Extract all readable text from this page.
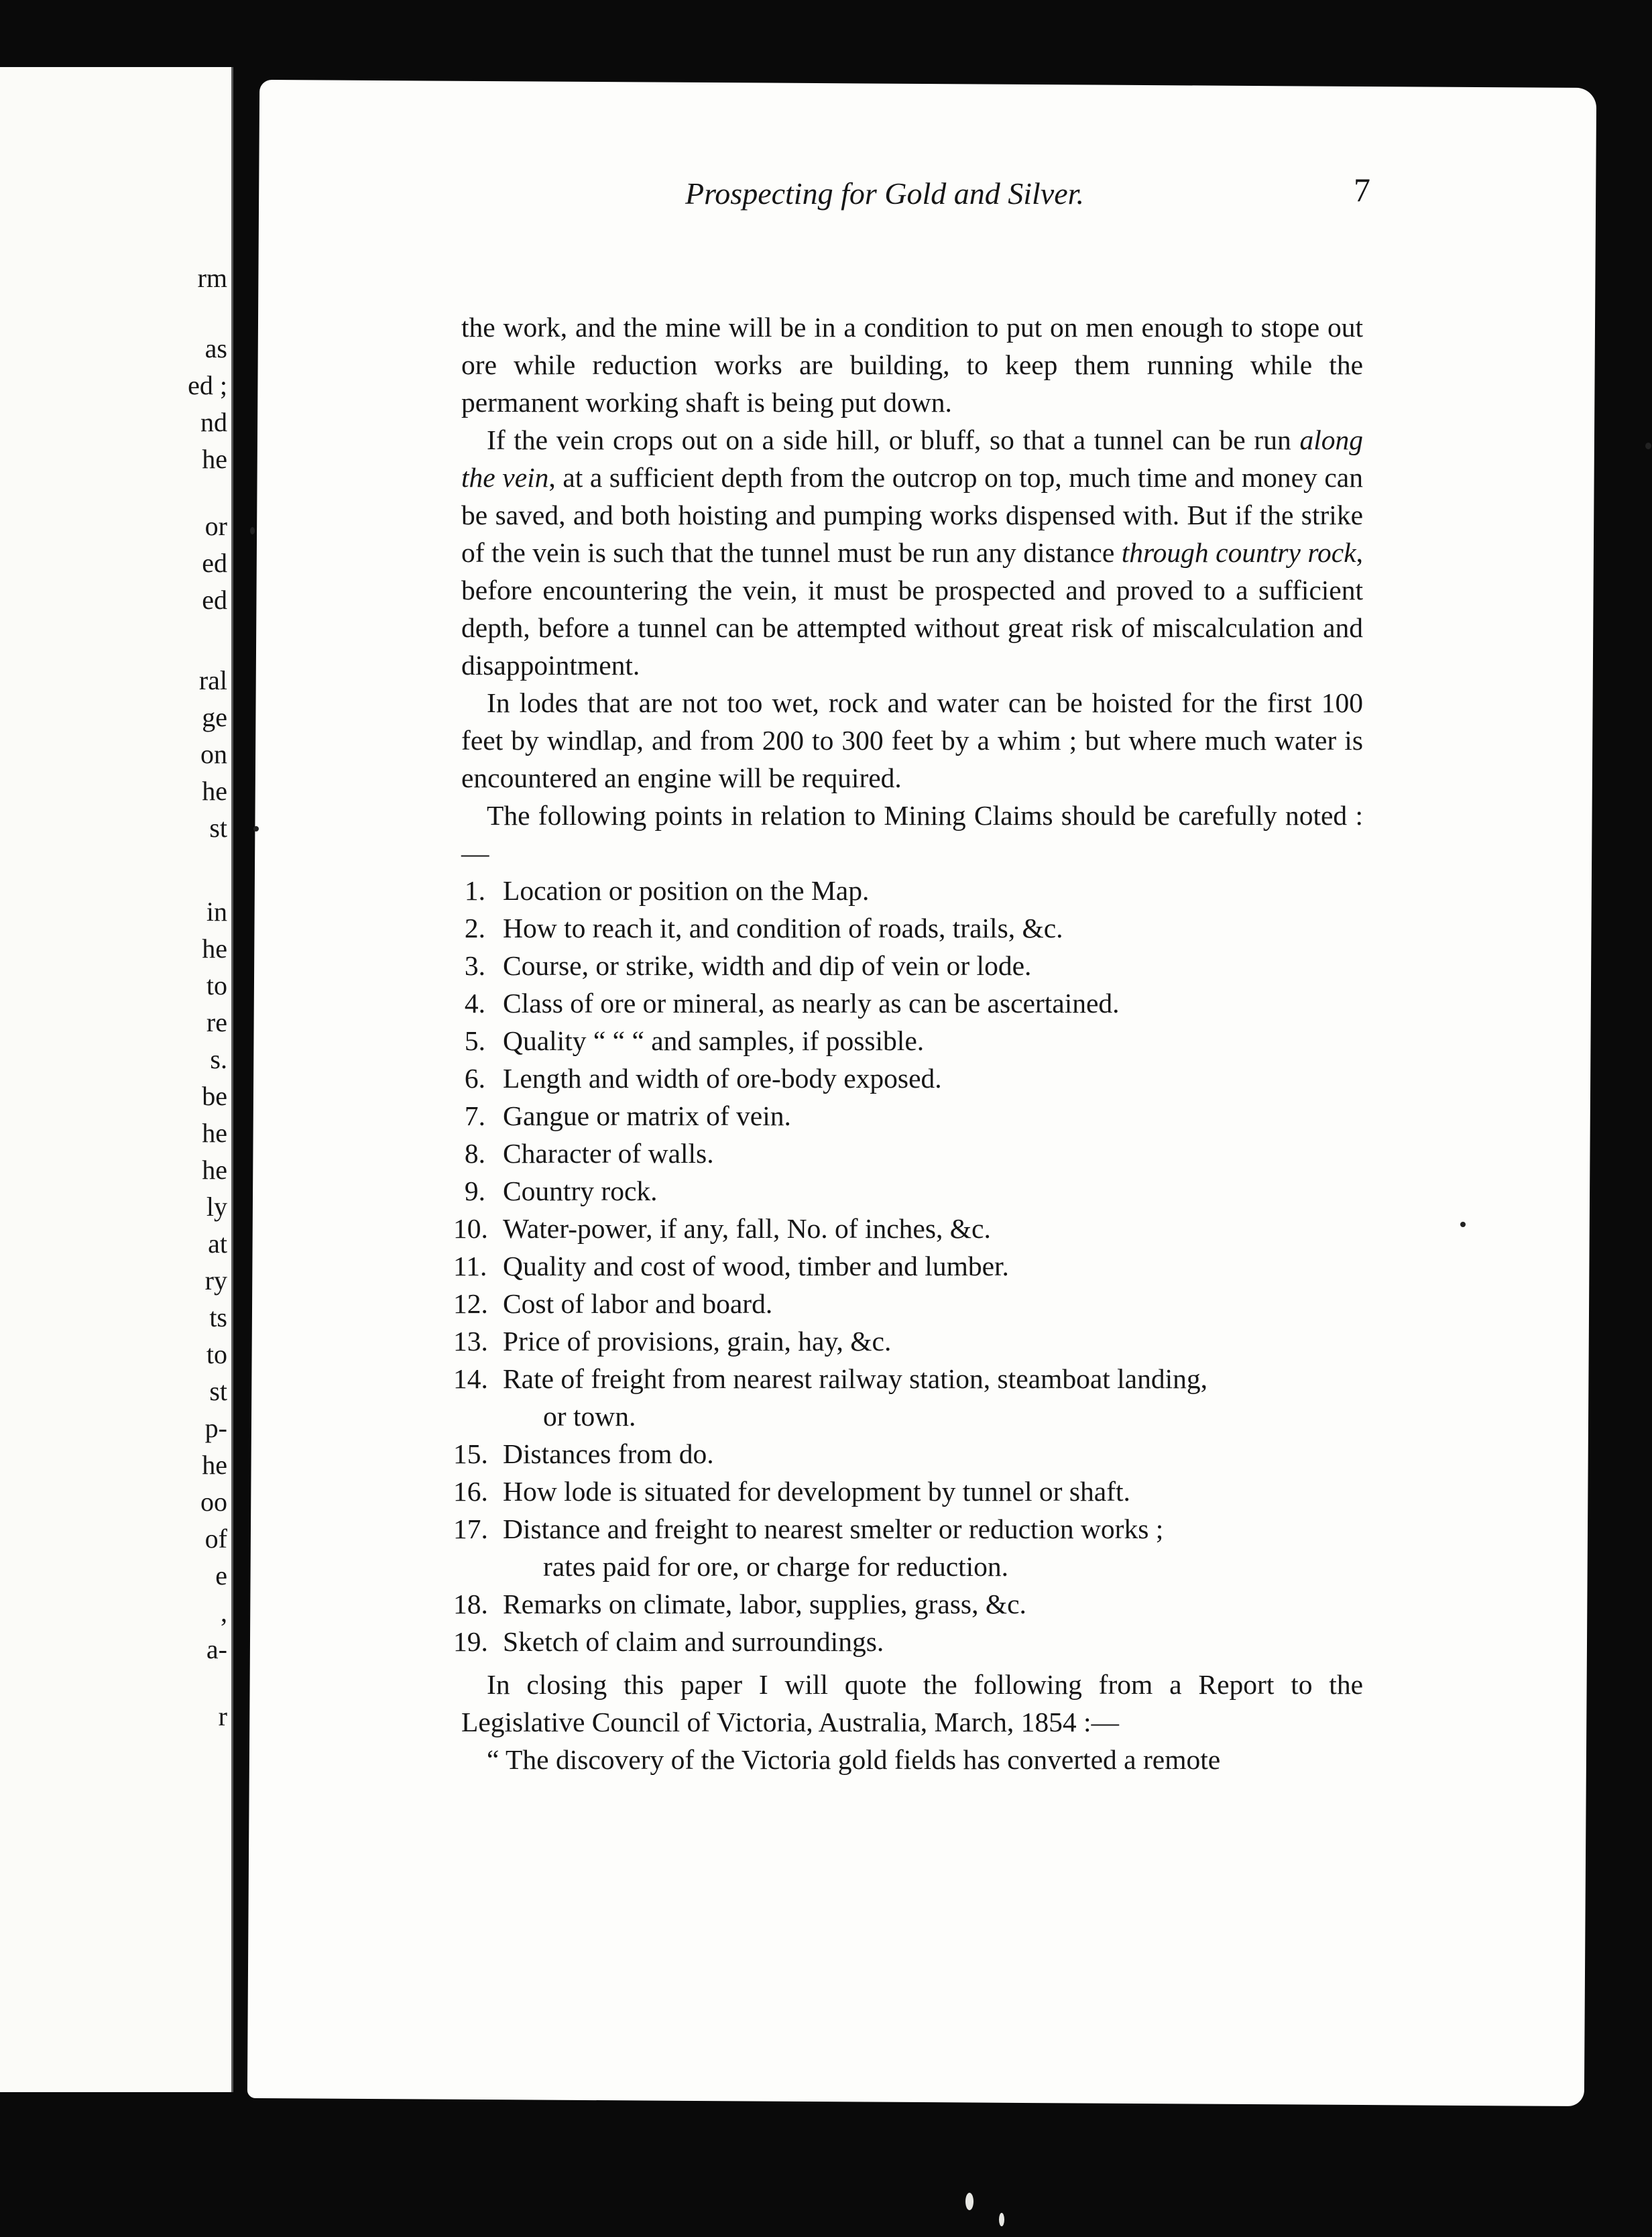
rm
as
ed ;
nd
he
or
ed
ed
ral
ge
on
he
st
in
he
to
re
s.
be
he
he
ly
at
ry
ts
to
st
p-
he
oo
of
e
,
a-
r
Prospecting for Gold and Silver.	7

the work, and the mine will be in a condition to put on men enough to stope out ore while reduction works are building, to keep them running while the permanent working shaft is being put down.

If the vein crops out on a side hill, or bluff, so that a tunnel can be run along the vein, at a sufficient depth from the outcrop on top, much time and money can be saved, and both hoisting and pumping works dispensed with. But if the strike of the vein is such that the tunnel must be run any distance through country rock, before encountering the vein, it must be prospected and proved to a sufficient depth, before a tunnel can be attempted without great risk of miscalculation and disappointment.

In lodes that are not too wet, rock and water can be hoisted for the first 100 feet by windlap, and from 200 to 300 feet by a whim ; but where much water is encountered an engine will be required.

The following points in relation to Mining Claims should be carefully noted :—

1. Location or position on the Map.
2. How to reach it, and condition of roads, trails, &c.
3. Course, or strike, width and dip of vein or lode.
4. Class of ore or mineral, as nearly as can be ascertained.
5. Quality “ “ “ and samples, if possible.
6. Length and width of ore-body exposed.
7. Gangue or matrix of vein.
8. Character of walls.
9. Country rock.
10. Water-power, if any, fall, No. of inches, &c.
11. Quality and cost of wood, timber and lumber.
12. Cost of labor and board.
13. Price of provisions, grain, hay, &c.
14. Rate of freight from nearest railway station, steamboat landing,
or town.
15. Distances from do.
16. How lode is situated for development by tunnel or shaft.
17. Distance and freight to nearest smelter or reduction works ;
rates paid for ore, or charge for reduction.
18. Remarks on climate, labor, supplies, grass, &c.
19. Sketch of claim and surroundings.

In closing this paper I will quote the following from a Report to the Legislative Council of Victoria, Australia, March, 1854 :—

“ The discovery of the Victoria gold fields has converted a remote
